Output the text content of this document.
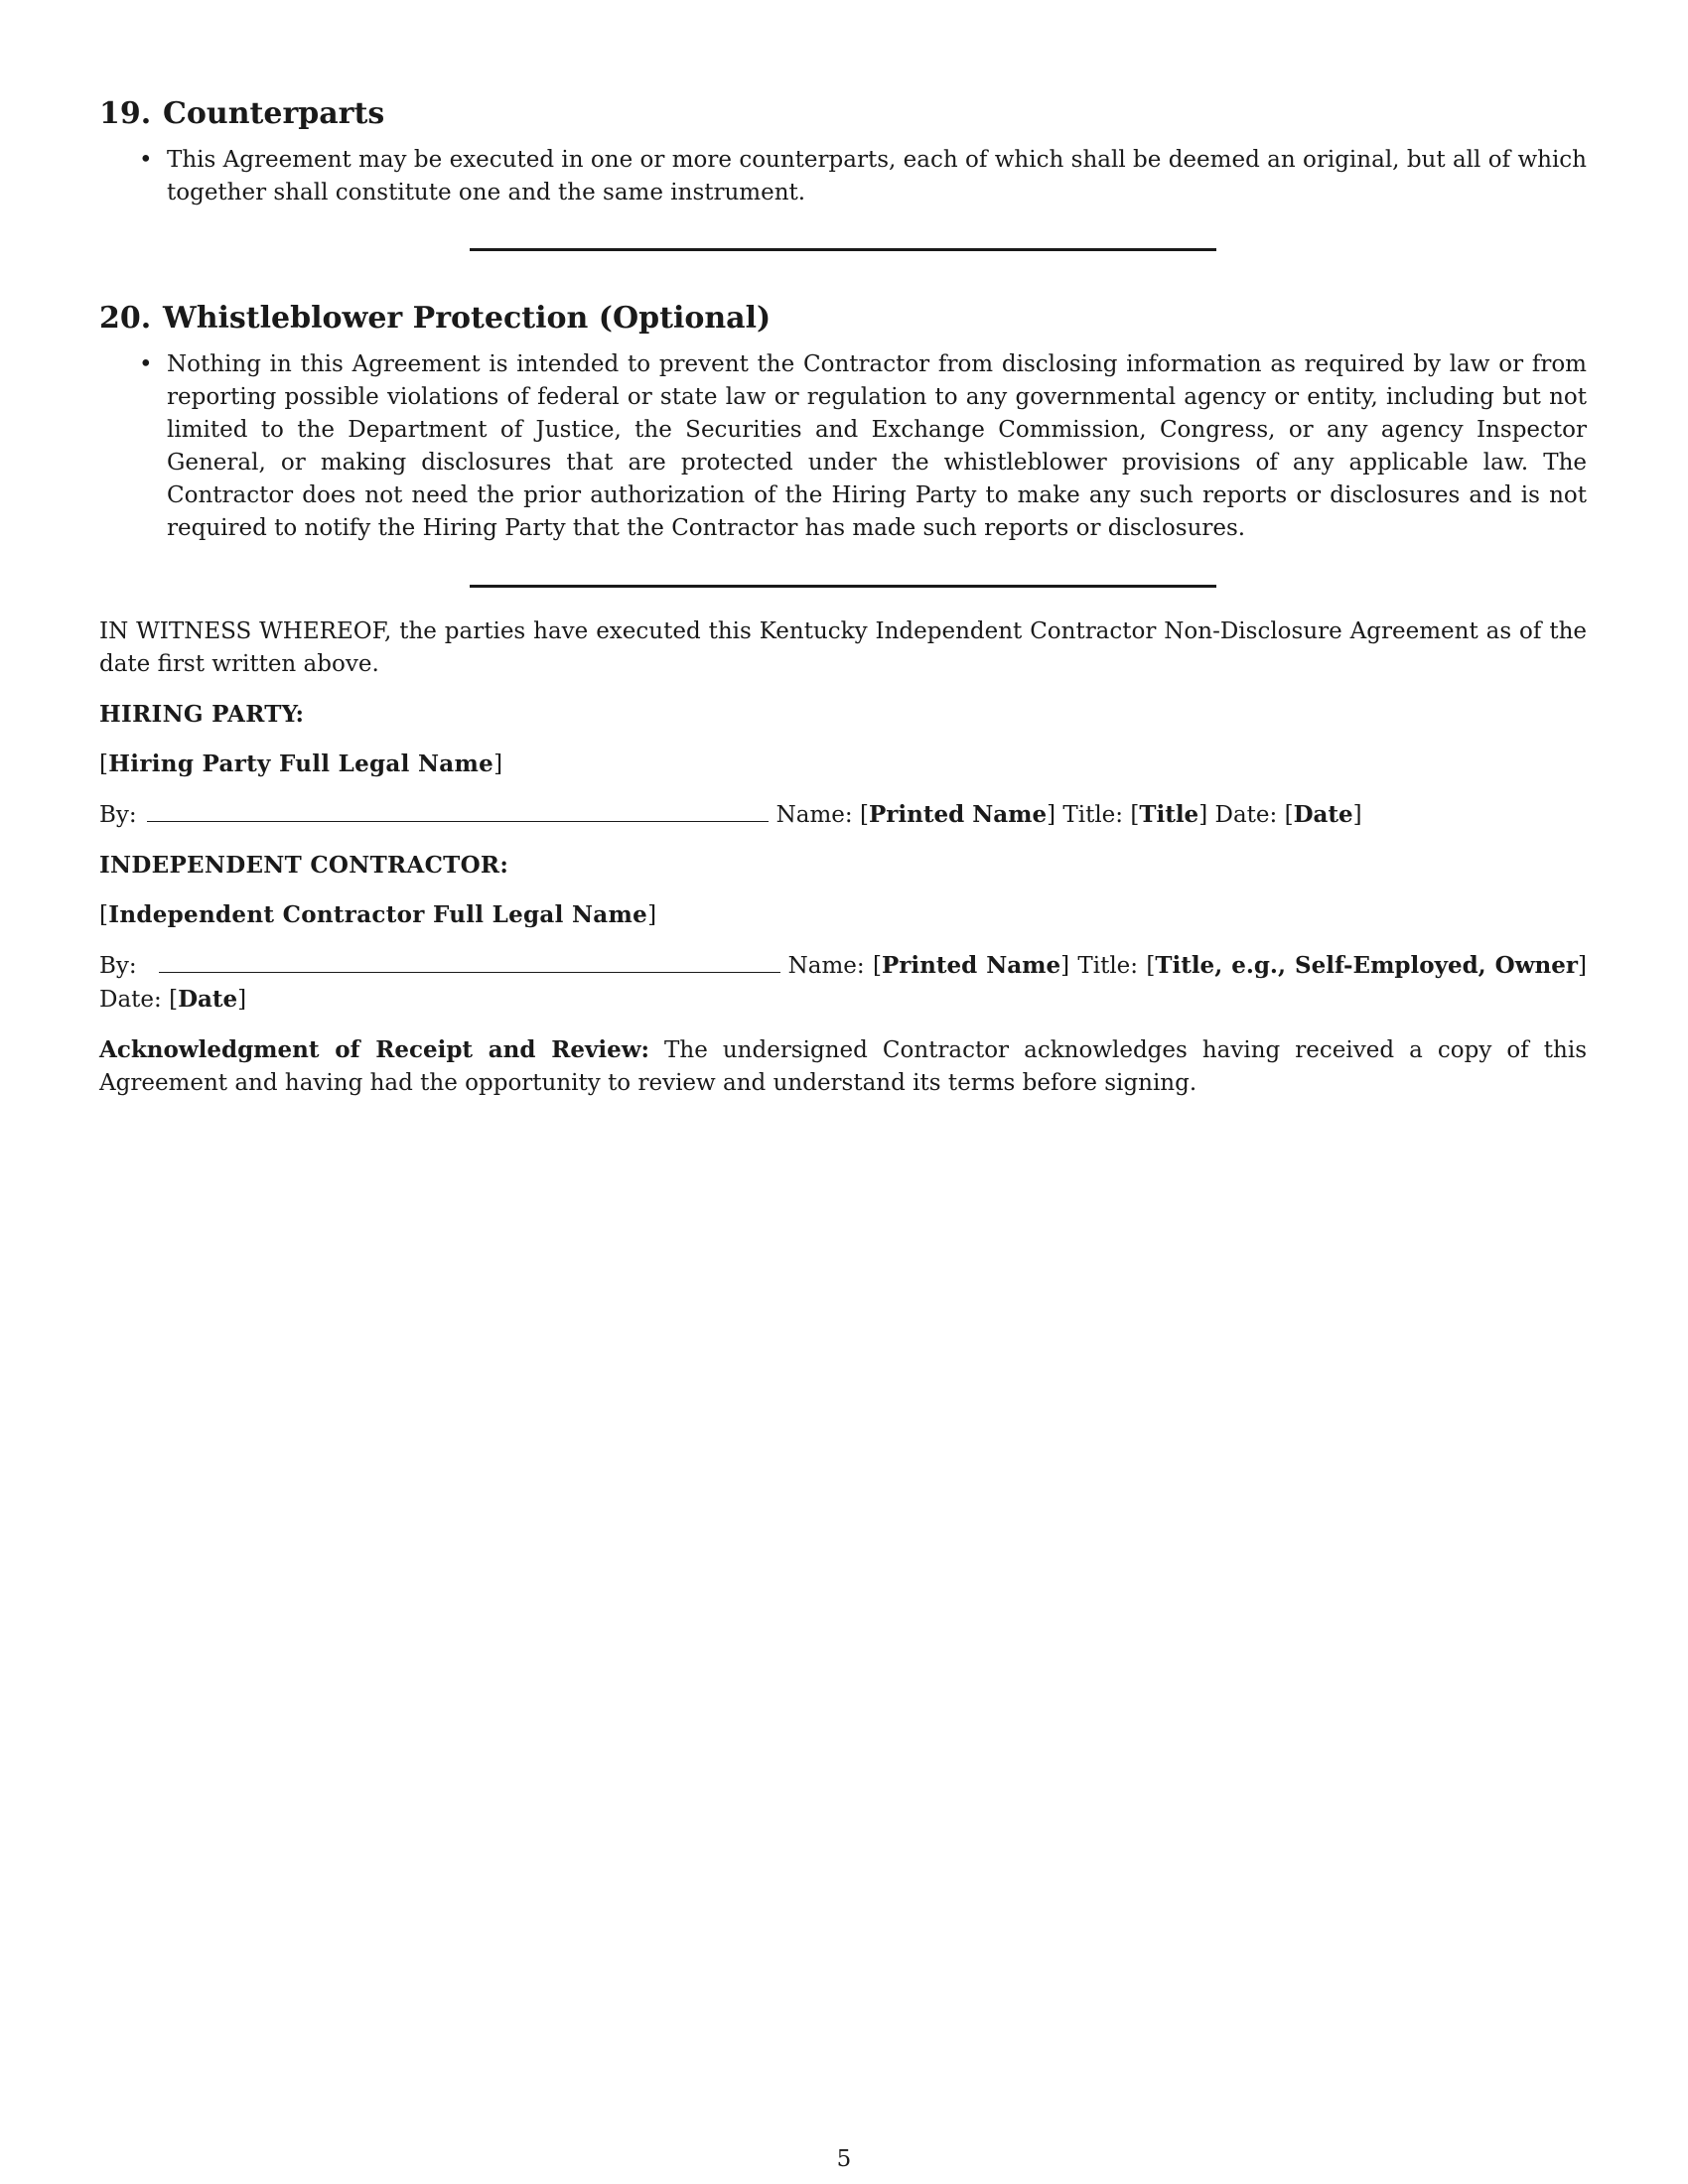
19. Counterparts
• This Agreement may be executed in one or more counterparts, each of which shall be deemed an original, but all of which together shall constitute one and the same instrument.
20. Whistleblower Protection (Optional)
• Nothing in this Agreement is intended to prevent the Contractor from disclosing information as required by law or from reporting possible violations of federal or state law or regulation to any governmental agency or entity, including but not limited to the Department of Justice, the Securities and Exchange Commission, Congress, or any agency Inspector General, or making disclosures that are protected under the whistleblower provisions of any applicable law. The Contractor does not need the prior authorization of the Hiring Party to make any such reports or disclosures and is not required to notify the Hiring Party that the Contractor has made such reports or disclosures.

IN WITNESS WHEREOF, the parties have executed this Kentucky Independent Contractor Non-Disclosure Agreement as of the date first written above.

HIRING PARTY:
[Hiring Party Full Legal Name]
By:	Name: [Printed Name] Title: [Title] Date: [Date]
INDEPENDENT CONTRACTOR:
[Independent Contractor Full Legal Name]
By:	Name: [Printed Name] Title: [Title, e.g., Self-Employed, Owner] Date: [Date]

Acknowledgment of Receipt and Review: The undersigned Contractor acknowledges having received a copy of this Agreement and having had the opportunity to review and understand its terms before signing.

5
